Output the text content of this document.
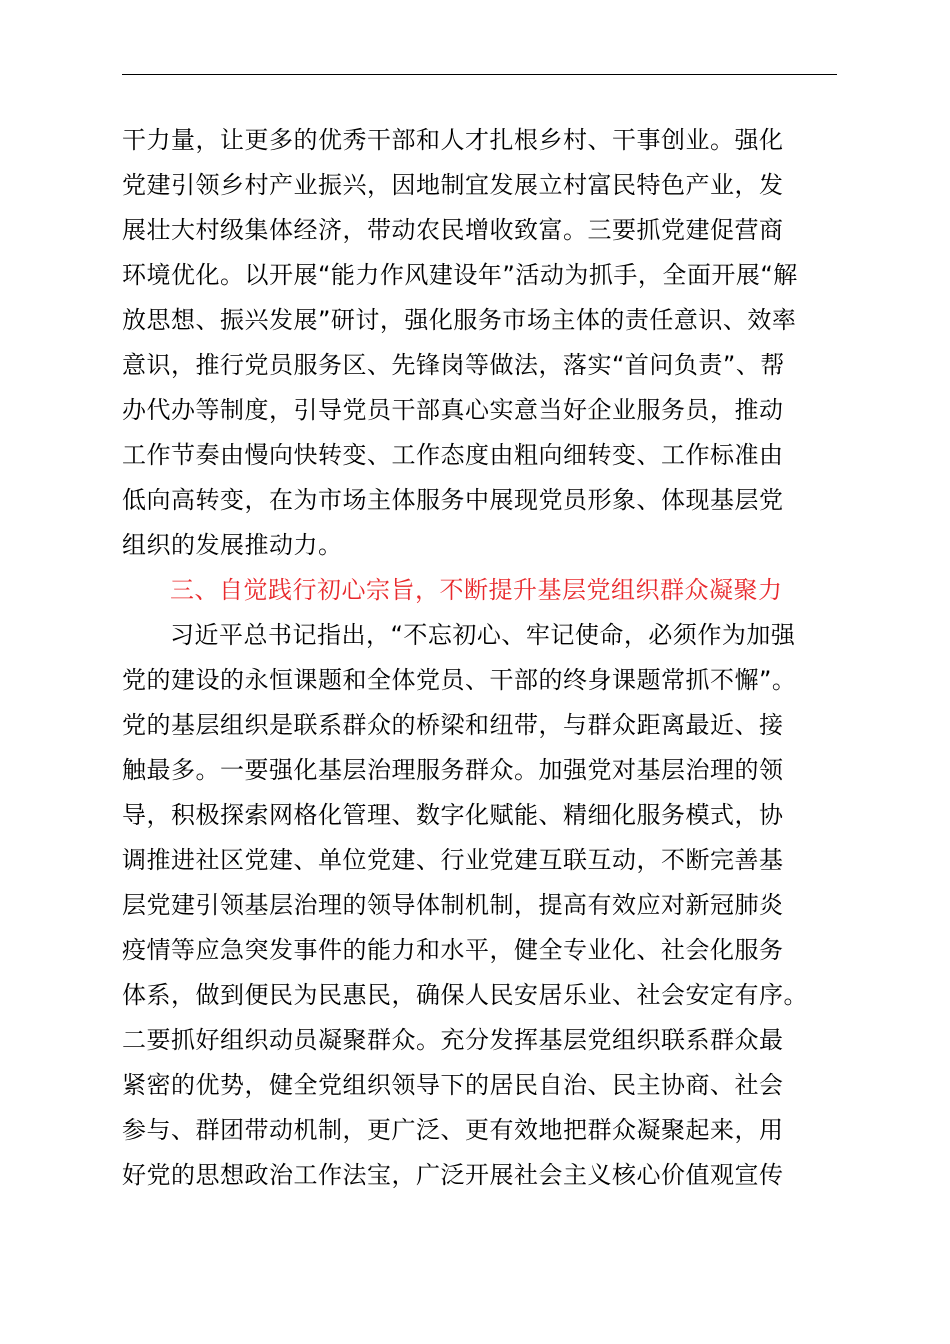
干力量，让更多的优秀干部和人才扎根乡村、干事创业。强化
党建引领乡村产业振兴，因地制宜发展立村富民特色产业，发
展壮大村级集体经济，带动农民增收致富。三要抓党建促营商
环境优化。以开展“能力作风建设年”活动为抓手，全面开展“解
放思想、振兴发展”研讨，强化服务市场主体的责任意识、效率
意识，推行党员服务区、先锋岗等做法，落实“首问负责”、帮
办代办等制度，引导党员干部真心实意当好企业服务员，推动
工作节奏由慢向快转变、工作态度由粗向细转变、工作标准由
低向高转变，在为市场主体服务中展现党员形象、体现基层党
组织的发展推动力。
三、自觉践行初心宗旨，不断提升基层党组织群众凝聚力
习近平总书记指出，“不忘初心、牢记使命，必须作为加强
党的建设的永恒课题和全体党员、干部的终身课题常抓不懈”。
党的基层组织是联系群众的桥梁和纽带，与群众距离最近、接
触最多。一要强化基层治理服务群众。加强党对基层治理的领
导，积极探索网格化管理、数字化赋能、精细化服务模式，协
调推进社区党建、单位党建、行业党建互联互动，不断完善基
层党建引领基层治理的领导体制机制，提高有效应对新冠肺炎
疫情等应急突发事件的能力和水平，健全专业化、社会化服务
体系，做到便民为民惠民，确保人民安居乐业、社会安定有序。
二要抓好组织动员凝聚群众。充分发挥基层党组织联系群众最
紧密的优势，健全党组织领导下的居民自治、民主协商、社会
参与、群团带动机制，更广泛、更有效地把群众凝聚起来，用
好党的思想政治工作法宝，广泛开展社会主义核心价值观宣传
